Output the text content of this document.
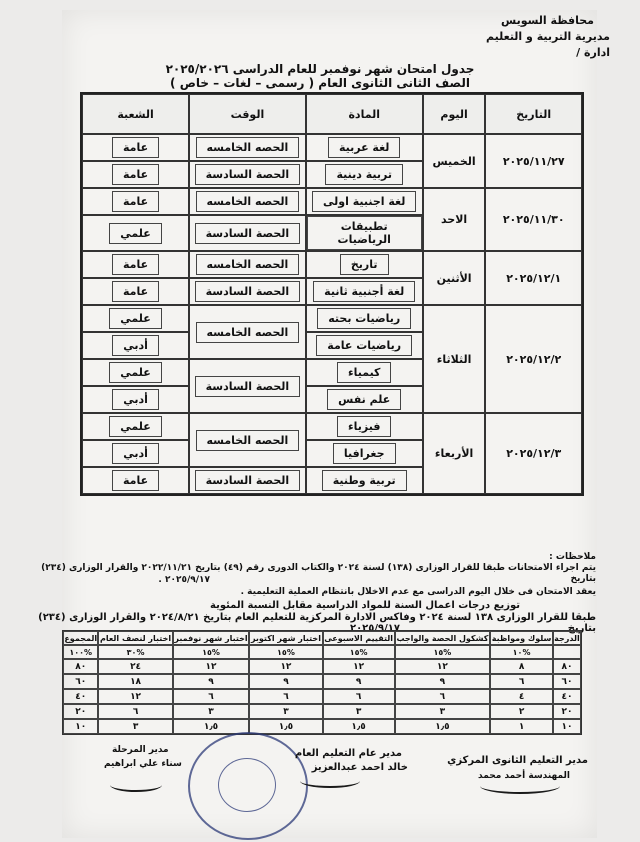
محافظة السويس
مديرية التربية و التعليم
ادارة /
جدول امتحان شهر نوفمبر للعام الدراسى ٢٠٢٥/٢٠٢٦
الصف الثانى الثانوى العام ( رسمى – لغات – خاص )
التاريخ	اليوم	المادة	الوقت	الشعبة
٢٠٢٥/١١/٢٧	الخميس	لغة عربية	الحصه الخامسه	عامة
		تربية دينية	الحصة السادسة	عامة
٢٠٢٥/١١/٣٠	الاحد	لغة اجنبية اولى	الحصه الخامسه	عامة
		تطبيقات الرياضيات	الحصة السادسة	علمي
٢٠٢٥/١٢/١	الأثنين	تاريخ	الحصه الخامسه	عامة
		لغة أجنبية ثانية	الحصة السادسة	عامة
٢٠٢٥/١٢/٢	الثلاثاء	رياضيات بحته	الحصه الخامسه	علمي
		رياضيات عامة		أدبي
		كيمياء	الحصة السادسة	علمي
		علم نفس		أدبي
٢٠٢٥/١٢/٣	الأربعاء	فيزياء	الحصه الخامسه	علمي
		جغرافيا		أدبي
		تربية وطنية	الحصة السادسة	عامة
ملاحظات :
يتم اجراء الامتحانات طبقا للقرار الوزارى (١٣٨) لسنة ٢٠٢٤ والكتاب الدورى رقم (٤٩) بتاريخ ٢٠٢٢/١١/٢١ والقرار الوزارى (٢٣٤) بتاريخ
٢٠٢٥/٩/١٧ .
يعقد الامتحان فى خلال اليوم الدراسى مع عدم الاخلال بانتظام العملية التعليمية .
توزيع درجات اعمال السنة للمواد الدراسية مقابل النسبة المئوية
طبقا للقرار الوزارى ١٣٨ لسنة ٢٠٢٤ وفاكس الادارة المركزية للتعليم العام بتاريخ ٢٠٢٤/٨/٢١ والقرار الوزارى (٢٣٤) بتاريخ
٢٠٢٥/٩/١٧
الدرجة	سلوك ومواظبة	كشكول الحصة والواجب	التقييم الاسبوعى	اختبار شهر اكتوبر	اختبار شهر نوفمبر	اختبار لنصف العام	المجموع
	%١٠	%١٥	%١٥	%١٥	%١٥	%٣٠	%١٠٠
٨٠	٨	١٢	١٢	١٢	١٢	٢٤	٨٠
٦٠	٦	٩	٩	٩	٩	١٨	٦٠
٤٠	٤	٦	٦	٦	٦	١٢	٤٠
٢٠	٢	٣	٣	٣	٣	٦	٢٠
١٠	١	١٫٥	١٫٥	١٫٥	١٫٥	٣	١٠
مدير التعليم الثانوى المركزي
المهندسة أحمد محمد
مدير عام التعليم العام
خالد احمد عبدالعزيز
مدير المرحلة
سناء علي ابراهيم
